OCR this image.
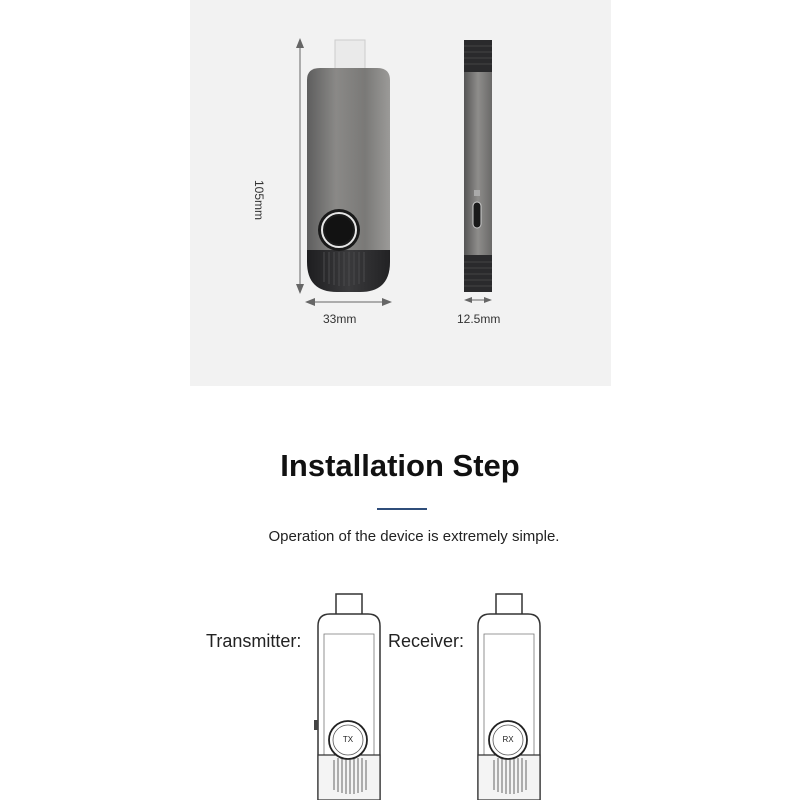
105mm
33mm	12.5mm
Installation Step
Operation of the device is extremely simple.
Transmitter:	Receiver:
TX	RX
